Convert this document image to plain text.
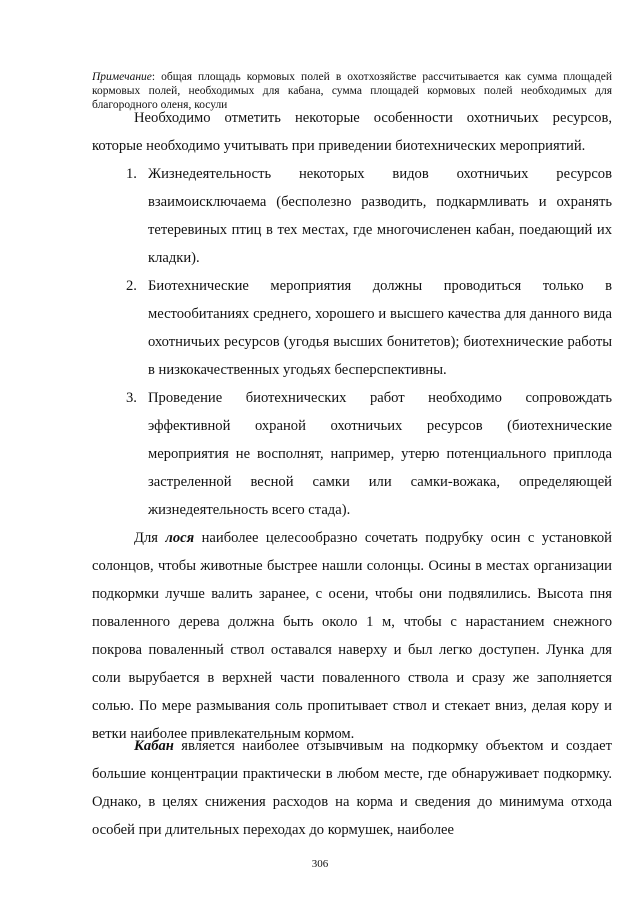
Примечание: общая площадь кормовых полей в охотхозяйстве рассчитывается как сумма площадей кормовых полей, необходимых для кабана, сумма площадей кормовых полей необходимых для благородного оленя, косули

Необходимо отметить некоторые особенности охотничьих ресурсов, которые необходимо учитывать при приведении биотехнических мероприятий.

1. Жизнедеятельность некоторых видов охотничьих ресурсов взаимоисключаема (бесполезно разводить, подкармливать и охранять тетеревиных птиц в тех местах, где многочисленен кабан, поедающий их кладки).
2. Биотехнические мероприятия должны проводиться только в местообитаниях среднего, хорошего и высшего качества для данного вида охотничьих ресурсов (угодья высших бонитетов); биотехнические работы в низкокачественных угодьях бесперспективны.
3. Проведение биотехнических работ необходимо сопровождать эффективной охраной охотничьих ресурсов (биотехнические мероприятия не восполнят, например, утерю потенциального приплода застреленной весной самки или самки-вожака, определяющей жизнедеятельность всего стада).

Для лося наиболее целесообразно сочетать подрубку осин с установкой солонцов, чтобы животные быстрее нашли солонцы. Осины в местах организации подкормки лучше валить заранее, с осени, чтобы они подвялились. Высота пня поваленного дерева должна быть около 1 м, чтобы с нарастанием снежного покрова поваленный ствол оставался наверху и был легко доступен. Лунка для соли вырубается в верхней части поваленного ствола и сразу же заполняется солью. По мере размывания соль пропитывает ствол и стекает вниз, делая кору и ветки наиболее привлекательным кормом.

Кабан является наиболее отзывчивым на подкормку объектом и создает большие концентрации практически в любом месте, где обнаруживает подкормку. Однако, в целях снижения расходов на корма и сведения до минимума отхода особей при длительных переходах до кормушек, наиболее

306
